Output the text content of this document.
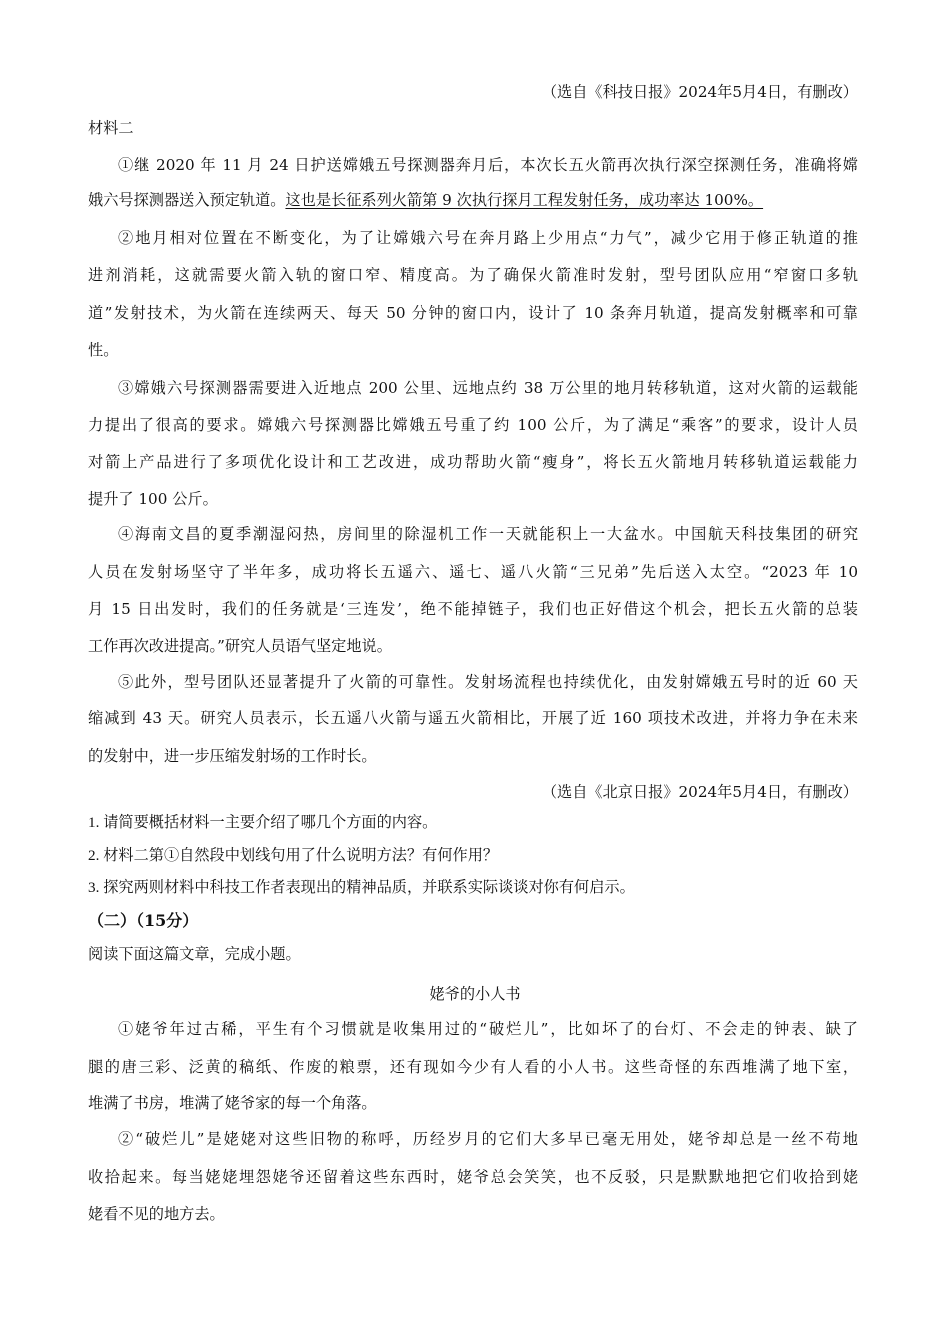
（选自《科技日报》2024年5月4日，有删改）
材料二
①继 2020 年 11 月 24 日护送嫦娥五号探测器奔月后，本次长五火箭再次执行深空探测任务，准确将嫦
娥六号探测器送入预定轨道。这也是长征系列火箭第 9 次执行探月工程发射任务，成功率达 100%。
②地月相对位置在不断变化，为了让嫦娥六号在奔月路上少用点“力气”，减少它用于修正轨道的推
进剂消耗，这就需要火箭入轨的窗口窄、精度高。为了确保火箭准时发射，型号团队应用“窄窗口多轨
道”发射技术，为火箭在连续两天、每天 50 分钟的窗口内，设计了 10 条奔月轨道，提高发射概率和可靠
性。
③嫦娥六号探测器需要进入近地点 200 公里、远地点约 38 万公里的地月转移轨道，这对火箭的运载能
力提出了很高的要求。嫦娥六号探测器比嫦娥五号重了约 100 公斤，为了满足“乘客”的要求，设计人员
对箭上产品进行了多项优化设计和工艺改进，成功帮助火箭“瘦身”，将长五火箭地月转移轨道运载能力
提升了 100 公斤。
④海南文昌的夏季潮湿闷热，房间里的除湿机工作一天就能积上一大盆水。中国航天科技集团的研究
人员在发射场坚守了半年多，成功将长五遥六、遥七、遥八火箭“三兄弟”先后送入太空。“2023 年 10
月 15 日出发时，我们的任务就是‘三连发’，绝不能掉链子，我们也正好借这个机会，把长五火箭的总装
工作再次改进提高。”研究人员语气坚定地说。
⑤此外，型号团队还显著提升了火箭的可靠性。发射场流程也持续优化，由发射嫦娥五号时的近 60 天
缩减到 43 天。研究人员表示，长五遥八火箭与遥五火箭相比，开展了近 160 项技术改进，并将力争在未来
的发射中，进一步压缩发射场的工作时长。
（选自《北京日报》2024年5月4日，有删改）
1. 请简要概括材料一主要介绍了哪几个方面的内容。
2. 材料二第①自然段中划线句用了什么说明方法？有何作用？
3. 探究两则材料中科技工作者表现出的精神品质，并联系实际谈谈对你有何启示。
（二）（15分）
阅读下面这篇文章，完成小题。
姥爷的小人书
①姥爷年过古稀，平生有个习惯就是收集用过的“破烂儿”，比如坏了的台灯、不会走的钟表、缺了
腿的唐三彩、泛黄的稿纸、作废的粮票，还有现如今少有人看的小人书。这些奇怪的东西堆满了地下室，
堆满了书房，堆满了姥爷家的每一个角落。
②“破烂儿”是姥姥对这些旧物的称呼，历经岁月的它们大多早已毫无用处，姥爷却总是一丝不苟地
收拾起来。每当姥姥埋怨姥爷还留着这些东西时，姥爷总会笑笑，也不反驳，只是默默地把它们收拾到姥
姥看不见的地方去。
